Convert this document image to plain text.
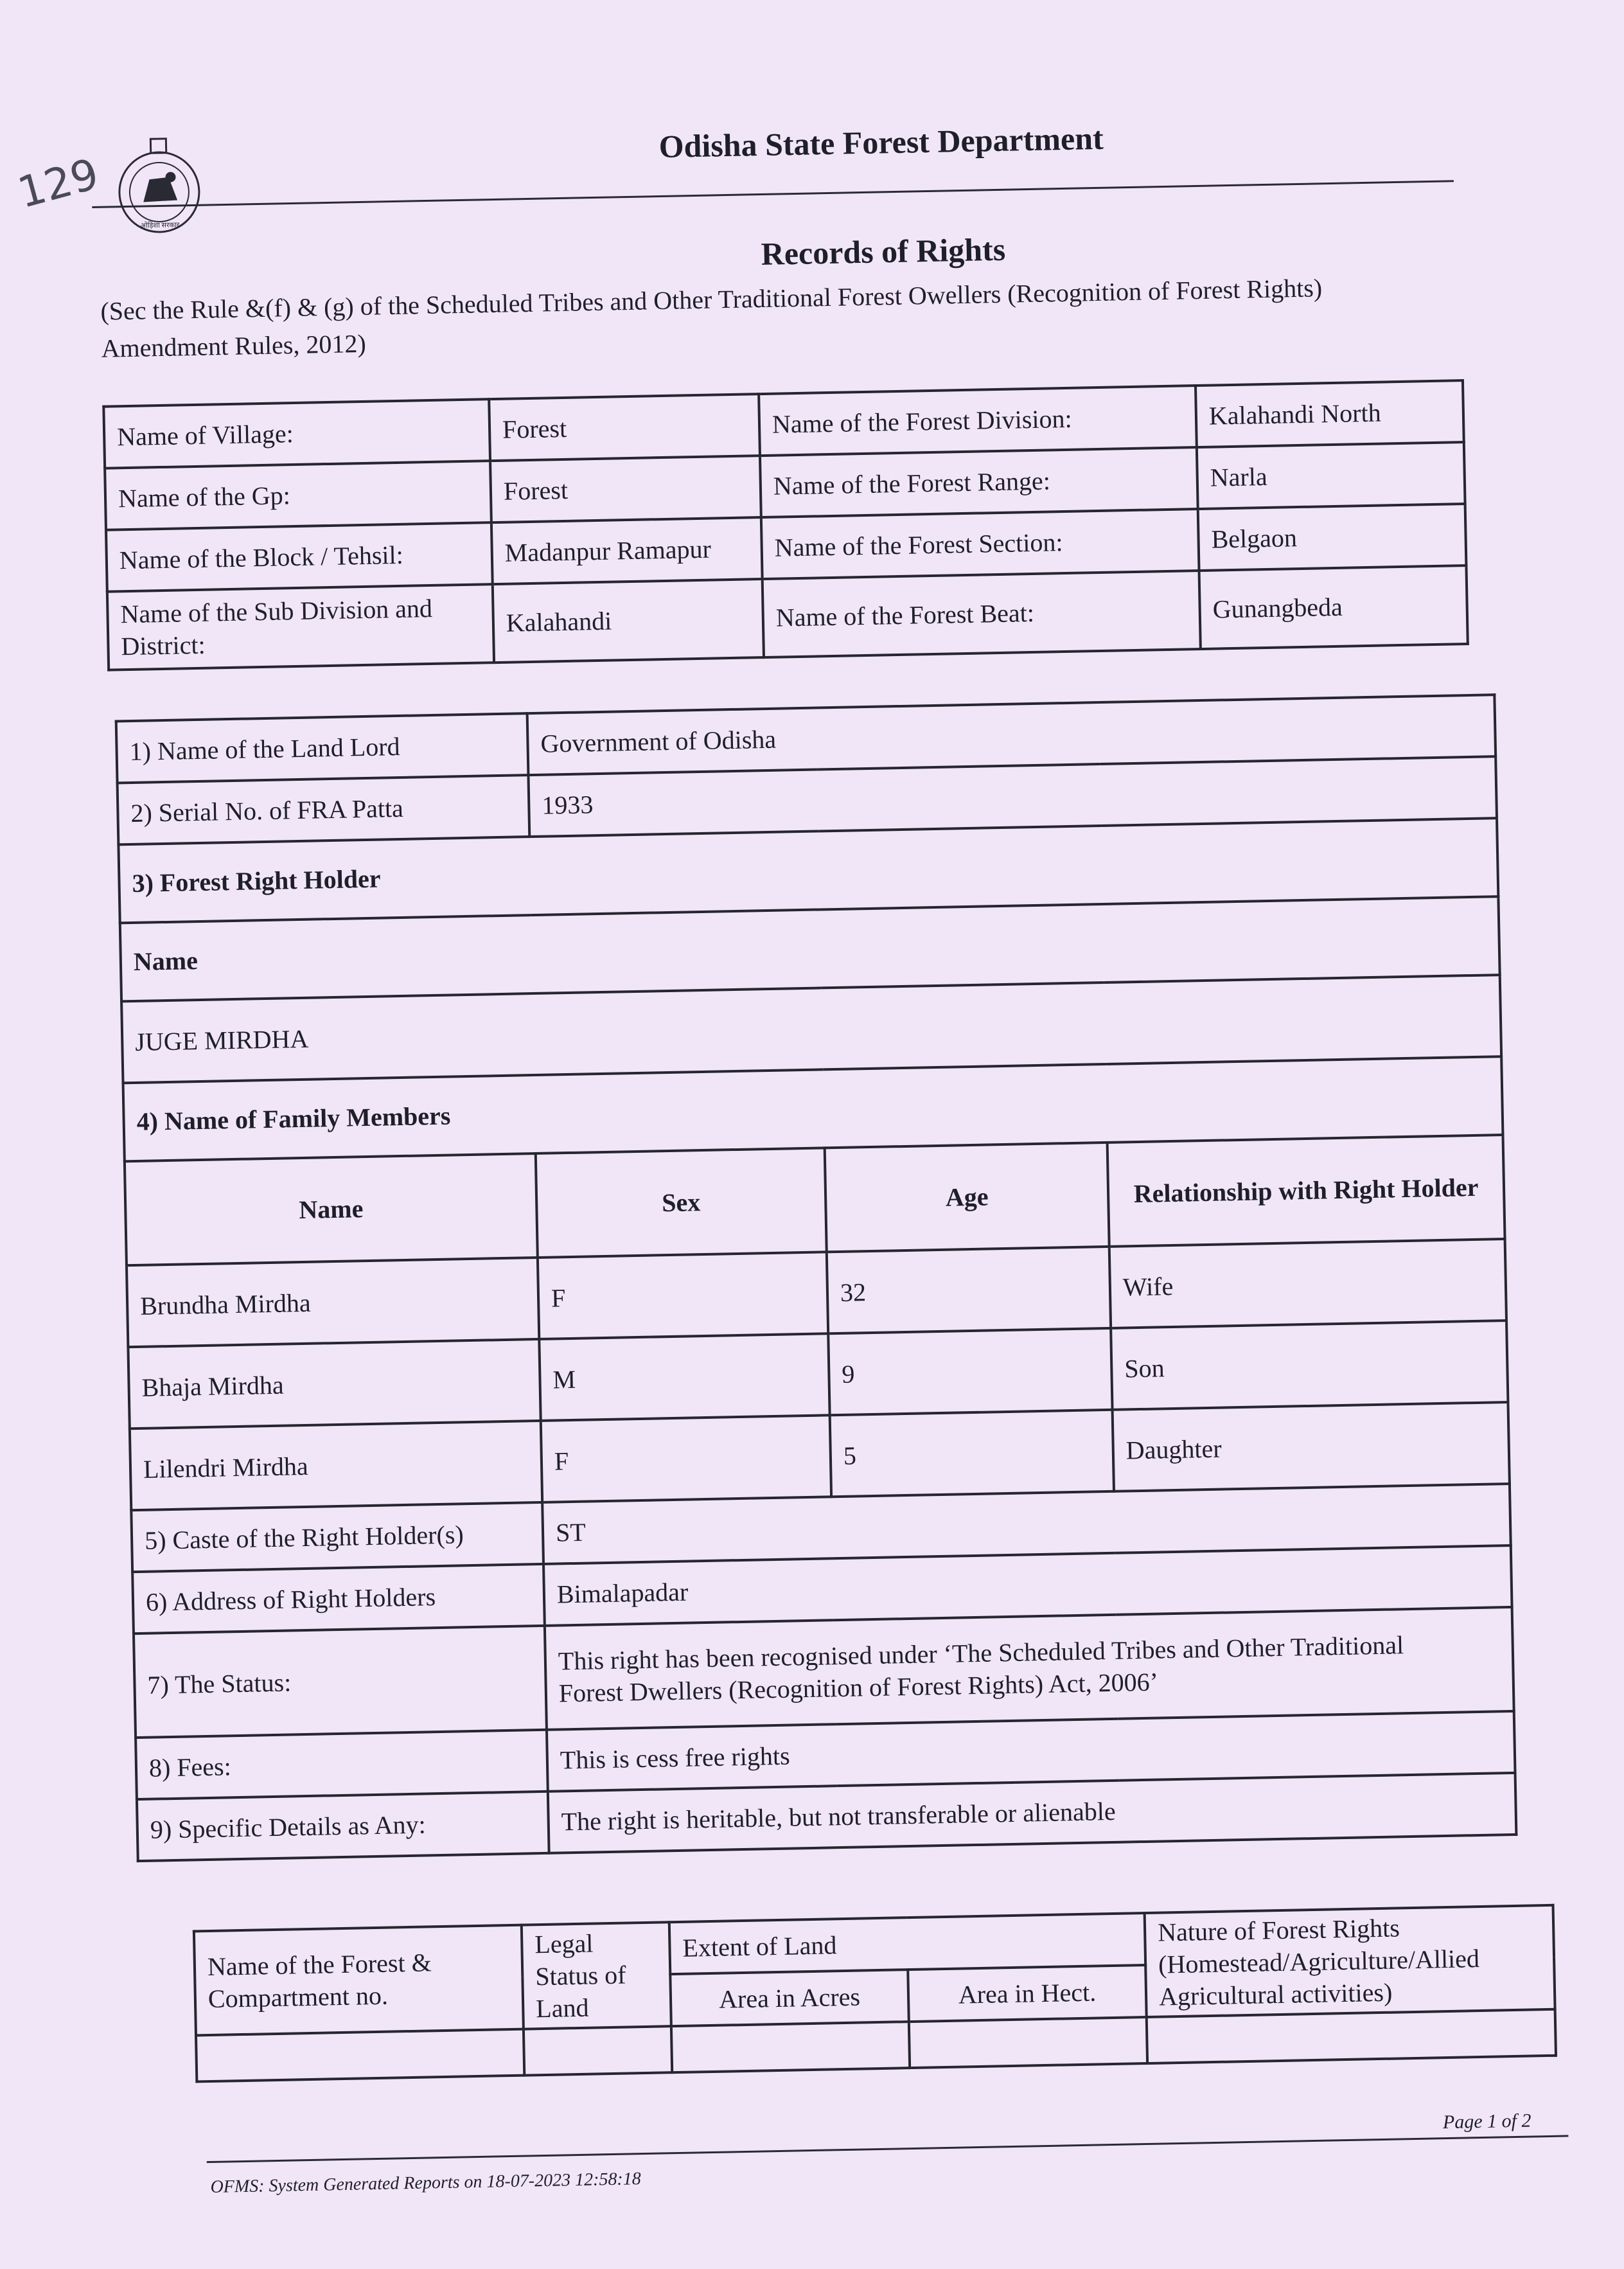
129
ओड़िशा सरकार
Odisha State Forest Department
Records of Rights
(Sec the Rule &(f) & (g) of the Scheduled Tribes and Other Traditional Forest Owellers (Recognition of Forest Rights) Amendment Rules, 2012)
Name of Village:	Forest	Name of the Forest Division:	Kalahandi North
Name of the Gp:	Forest	Name of the Forest Range:	Narla
Name of the Block / Tehsil:	Madanpur Ramapur	Name of the Forest Section:	Belgaon
Name of the Sub Division and District:	Kalahandi	Name of the Forest Beat:	Gunangbeda
1) Name of the Land Lord	Government of Odisha		
2) Serial No. of FRA Patta	1933		
3) Forest Right Holder			
Name			
JUGE MIRDHA			
4) Name of Family Members			
Name	Sex	Age	Relationship with Right Holder
Brundha Mirdha	F	32	Wife
Bhaja Mirdha	M	9	Son
Lilendri Mirdha	F	5	Daughter
5) Caste of the Right Holder(s)	ST		
6) Address of Right Holders	Bimalapadar		
7) The Status:	This right has been recognised under ‘The Scheduled Tribes and Other Traditional
Forest Dwellers (Recognition of Forest Rights) Act, 2006’		

8) Fees:	This is cess free rights		
9) Specific Details as Any:	The right is heritable, but not transferable or alienable		
Name of the Forest & Compartment no.	Legal Status of Land	Extent of Land		Nature of Forest Rights (Homestead/Agriculture/Allied Agricultural activities)
		Area in Acres	Area in Hect.	

Page 1 of 2
OFMS: System Generated Reports on 18-07-2023 12:58:18
